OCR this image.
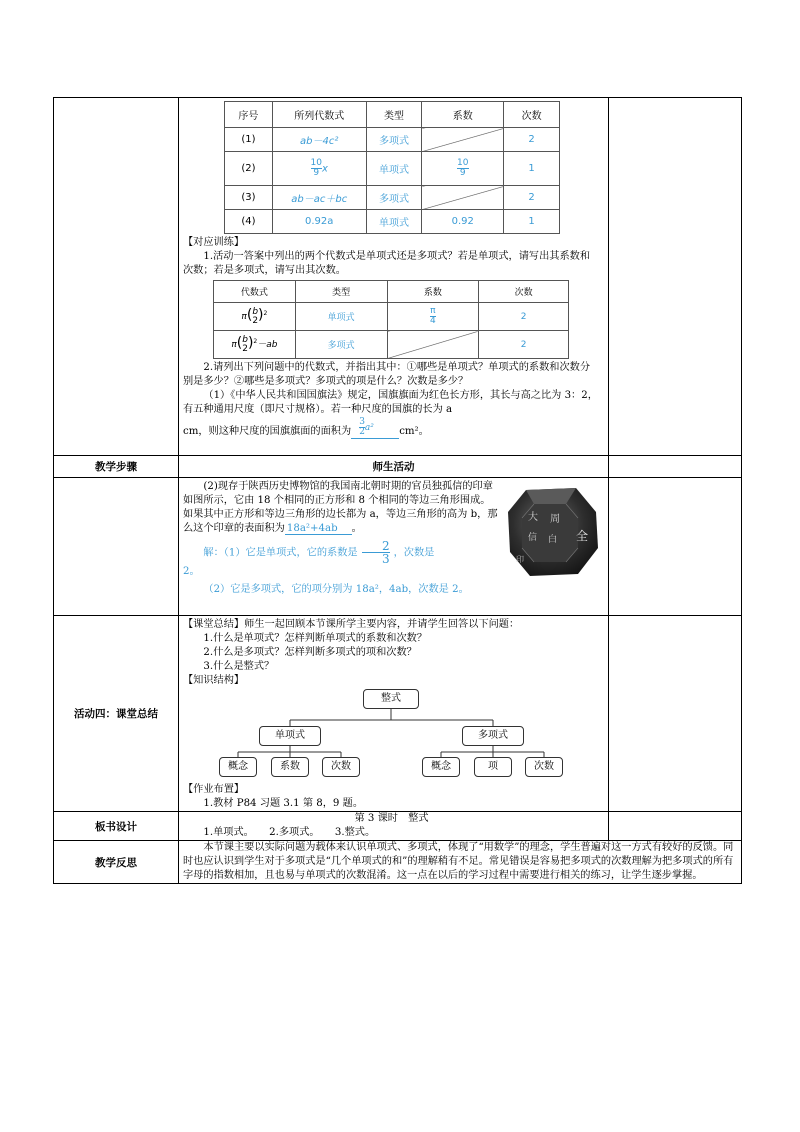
序号	所列代数式	类型	系数	次数
(1)	ab－4c²	多项式		2
(2)	$\frac{10}{9}$ x	单项式	$\frac{10}{9}$	1
(3)	ab－ac＋bc	多项式		2
(4)	0.92a	单项式	0.92	1
【对应训练】
1.活动一答案中列出的两个代数式是单项式还是多项式？若是单项式，请写出其系数和次数；若是多项式，请写出其次数。
代数式	类型	系数	次数
π( b
2 )$^2$	单项式	$\frac{\pi}{4}$	2
π( b
2 )$^2$－ab	多项式		2
2.请列出下列问题中的代数式，并指出其中：①哪些是单项式？单项式的系数和次数分别是多少？②哪些是多项式？多项式的项是什么？次数是多少？
（1）《中华人民共和国国旗法》规定，国旗旗面为红色长方形，其长与高之比为 3：2，有五种通用尺度（即尺寸规格）。若一种尺度的国旗的长为 a
cm，则这种尺度的国旗旗面的面积为 $\frac{3}{2} a^2$ cm²。

教学步骤	师生活动	

大 周
信 白 全
印
(2)现存于陕西历史博物馆的我国南北朝时期的官员独孤信的印章如图所示，它由 18 个相同的正方形和 8 个相同的等边三角形围成。如果其中正方形和等边三角形的边长都为 a，等边三角形的高为 b，那么这个印章的表面积为 18a²+4ab 。
解：（1）它是单项式，它的系数是 $\frac{2}{3}$ ，次数是
2。
（2）它是多项式，它的项分别为 18a²，4ab，次数是 2。

活动四：课堂总结	
【课堂总结】师生一起回顾本节课所学主要内容，并请学生回答以下问题：
1.什么是单项式？怎样判断单项式的系数和次数？
2.什么是多项式？怎样判断多项式的项和次数？
3.什么是整式？
【知识结构】
整式
单项式	多项式
概念	系数	次数	概念	项	次数
【作业布置】
1.教材 P84 习题 3.1 第 8，9 题。

板书设计	
第 3 课时　整式
1.单项式。　　2.多项式。　　3.整式。

教学反思	
本节课主要以实际问题为载体来认识单项式、多项式，体现了“用数学”的理念，学生普遍对这一方式有较好的反馈。同时也应认识到学生对于多项式是“几个单项式的和”的理解稍有不足。常见错误是容易把多项式的次数理解为把多项式的所有字母的指数相加，且也易与单项式的次数混淆。这一点在以后的学习过程中需要进行相关的练习，让学生逐步掌握。
